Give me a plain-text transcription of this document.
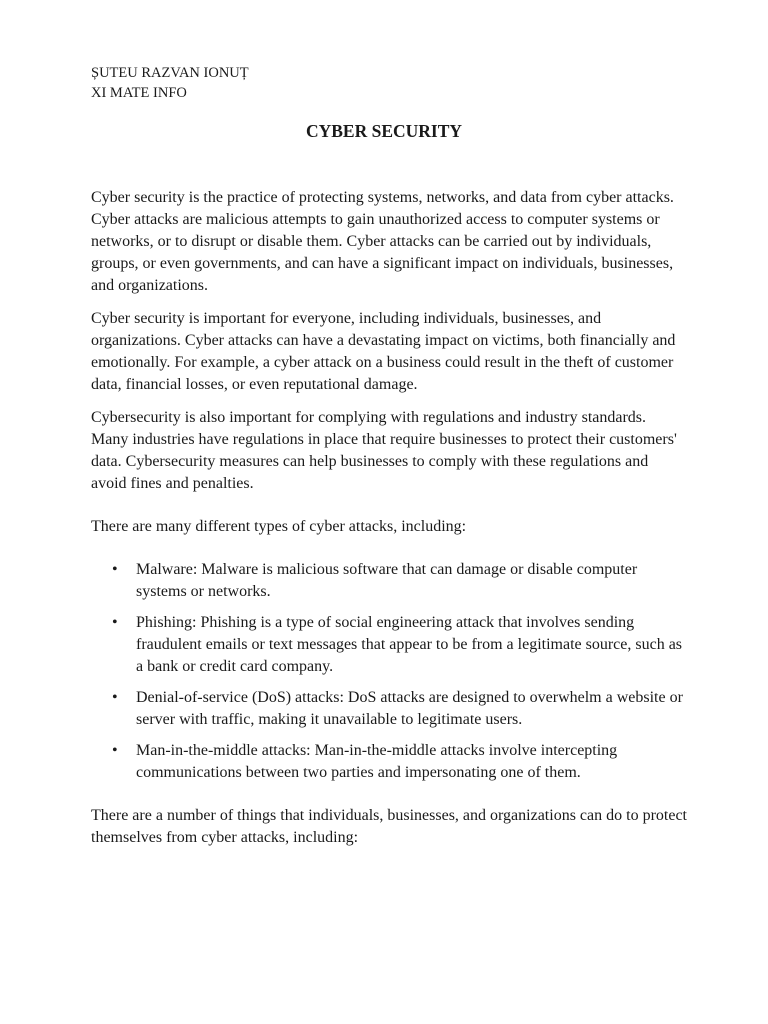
ȘUTEU RAZVAN IONUȚ
XI MATE INFO
CYBER SECURITY

Cyber security is the practice of protecting systems, networks, and data from cyber attacks. Cyber attacks are malicious attempts to gain unauthorized access to computer systems or networks, or to disrupt or disable them. Cyber attacks can be carried out by individuals, groups, or even governments, and can have a significant impact on individuals, businesses, and organizations.

Cyber security is important for everyone, including individuals, businesses, and organizations. Cyber attacks can have a devastating impact on victims, both financially and emotionally. For example, a cyber attack on a business could result in the theft of customer data, financial losses, or even reputational damage.

Cybersecurity is also important for complying with regulations and industry standards. Many industries have regulations in place that require businesses to protect their customers' data. Cybersecurity measures can help businesses to comply with these regulations and avoid fines and penalties.

There are many different types of cyber attacks, including:

• Malware: Malware is malicious software that can damage or disable computer systems or networks.
• Phishing: Phishing is a type of social engineering attack that involves sending fraudulent emails or text messages that appear to be from a legitimate source, such as a bank or credit card company.
• Denial-of-service (DoS) attacks: DoS attacks are designed to overwhelm a website or server with traffic, making it unavailable to legitimate users.
• Man-in-the-middle attacks: Man-in-the-middle attacks involve intercepting communications between two parties and impersonating one of them.

There are a number of things that individuals, businesses, and organizations can do to protect themselves from cyber attacks, including:
